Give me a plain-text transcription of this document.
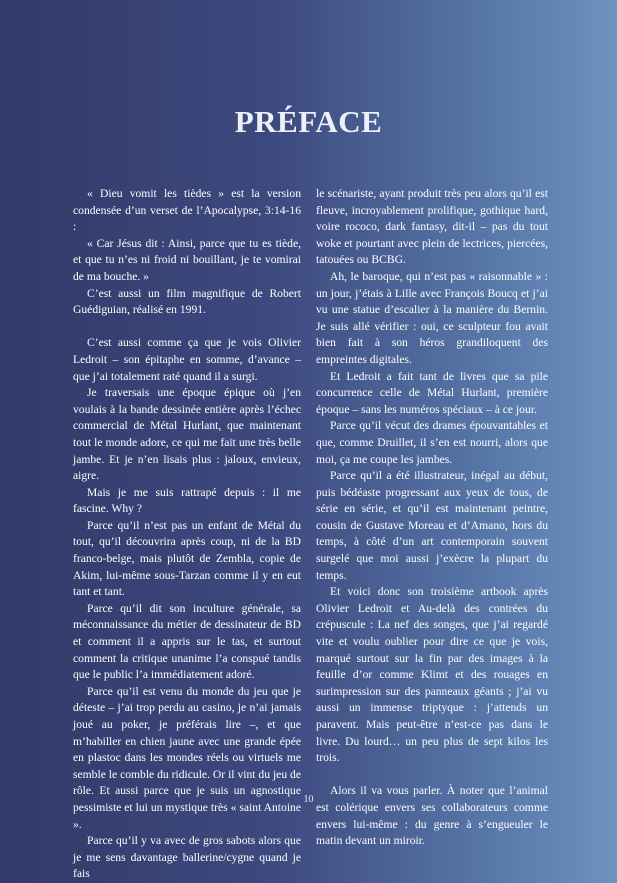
PRÉFACE

« Dieu vomit les tièdes » est la version condensée d’un verset de l’Apocalypse, 3:14-16 :

« Car Jésus dit : Ainsi, parce que tu es tiède, et que tu n’es ni froid ni bouillant, je te vomirai de ma bouche. »

C’est aussi un film magnifique de Robert Guédiguian, réalisé en 1991.

C’est aussi comme ça que je vois Olivier Ledroit – son épitaphe en somme, d’avance – que j’ai totalement raté quand il a surgi.

Je traversais une époque épique où j’en voulais à la bande dessinée entière après l’échec commercial de Métal Hurlant, que maintenant tout le monde adore, ce qui me fait une très belle jambe. Et je n’en lisais plus : jaloux, envieux, aigre.

Mais je me suis rattrapé depuis : il me fascine. Why ?

Parce qu’il n’est pas un enfant de Métal du tout, qu’il découvrira après coup, ni de la BD franco-belge, mais plutôt de Zembla, copie de Akim, lui-même sous-Tarzan comme il y en eut tant et tant.

Parce qu’il dit son inculture générale, sa méconnaissance du métier de dessinateur de BD et comment il a appris sur le tas, et surtout comment la critique unanime l’a conspué tandis que le public l’a immédiatement adoré.

Parce qu’il est venu du monde du jeu que je déteste – j’ai trop perdu au casino, je n’ai jamais joué au poker, je préférais lire –, et que m’habiller en chien jaune avec une grande épée en plastoc dans les mondes réels ou virtuels me semble le comble du ridicule. Or il vint du jeu de rôle. Et aussi parce que je suis un agnostique pessimiste et lui un mystique très « saint Antoine ».

Parce qu’il y va avec de gros sabots alors que je me sens davantage ballerine/cygne quand je fais

le scénariste, ayant produit très peu alors qu’il est fleuve, incroyablement prolifique, gothique hard, voire rococo, dark fantasy, dit-il – pas du tout woke et pourtant avec plein de lectrices, piercées, tatouées ou BCBG.

Ah, le baroque, qui n’est pas « raisonnable » : un jour, j’étais à Lille avec François Boucq et j’ai vu une statue d’escalier à la manière du Bernin. Je suis allé vérifier : oui, ce sculpteur fou avait bien fait à son héros grandiloquent des empreintes digitales.

Et Ledroit a fait tant de livres que sa pile concurrence celle de Métal Hurlant, première époque – sans les numéros spéciaux – à ce jour.

Parce qu’il vécut des drames épouvantables et que, comme Druillet, il s’en est nourri, alors que moi, ça me coupe les jambes.

Parce qu’il a été illustrateur, inégal au début, puis bédéaste progressant aux yeux de tous, de série en série, et qu’il est maintenant peintre, cousin de Gustave Moreau et d’Amano, hors du temps, à côté d’un art contemporain souvent surgelé que moi aussi j’exècre la plupart du temps.

Et voici donc son troisième artbook après Olivier Ledroit et Au-delà des contrées du crépuscule : La nef des songes, que j’ai regardé vite et voulu oublier pour dire ce que je vois, marqué surtout sur la fin par des images à la feuille d’or comme Klimt et des rouages en surimpression sur des panneaux géants ; j’ai vu aussi un immense triptyque : j’attends un paravent. Mais peut-être n’est-ce pas dans le livre. Du lourd… un peu plus de sept kilos les trois.

Alors il va vous parler. À noter que l’animal est colérique envers ses collaborateurs comme envers lui-même : du genre à s’engueuler le matin devant un miroir.

10
